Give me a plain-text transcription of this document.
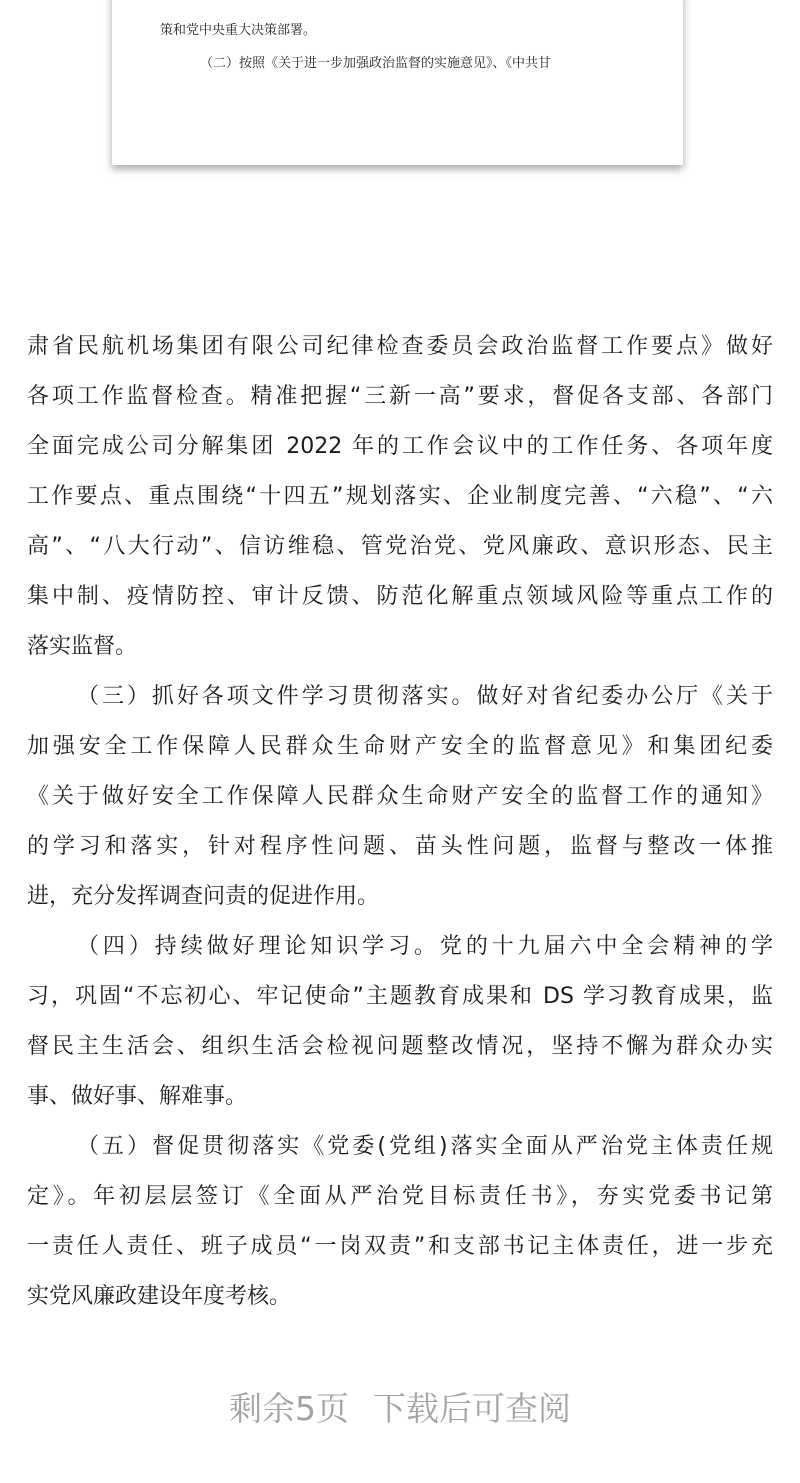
策和党中央重大决策部署。
（二）按照《关于进一步加强政治监督的实施意见》、《中共甘
肃省民航机场集团有限公司纪律检查委员会政治监督工作要点》做好
各项工作监督检查。精准把握“三新一高”要求，督促各支部、各部门
全面完成公司分解集团 2022 年的工作会议中的工作任务、各项年度
工作要点、重点围绕“十四五”规划落实、企业制度完善、“六稳”、“六
高”、“八大行动”、信访维稳、管党治党、党风廉政、意识形态、民主
集中制、疫情防控、审计反馈、防范化解重点领域风险等重点工作的
落实监督。
（三）抓好各项文件学习贯彻落实。做好对省纪委办公厅《关于
加强安全工作保障人民群众生命财产安全的监督意见》和集团纪委
《关于做好安全工作保障人民群众生命财产安全的监督工作的通知》
的学习和落实，针对程序性问题、苗头性问题，监督与整改一体推
进，充分发挥调查问责的促进作用。
（四）持续做好理论知识学习。党的十九届六中全会精神的学
习，巩固“不忘初心、牢记使命”主题教育成果和 DS 学习教育成果，监
督民主生活会、组织生活会检视问题整改情况，坚持不懈为群众办实
事、做好事、解难事。
（五）督促贯彻落实《党委(党组)落实全面从严治党主体责任规
定》。年初层层签订《全面从严治党目标责任书》，夯实党委书记第
一责任人责任、班子成员“一岗双责”和支部书记主体责任，进一步充
实党风廉政建设年度考核。
剩余5页 下载后可查阅
